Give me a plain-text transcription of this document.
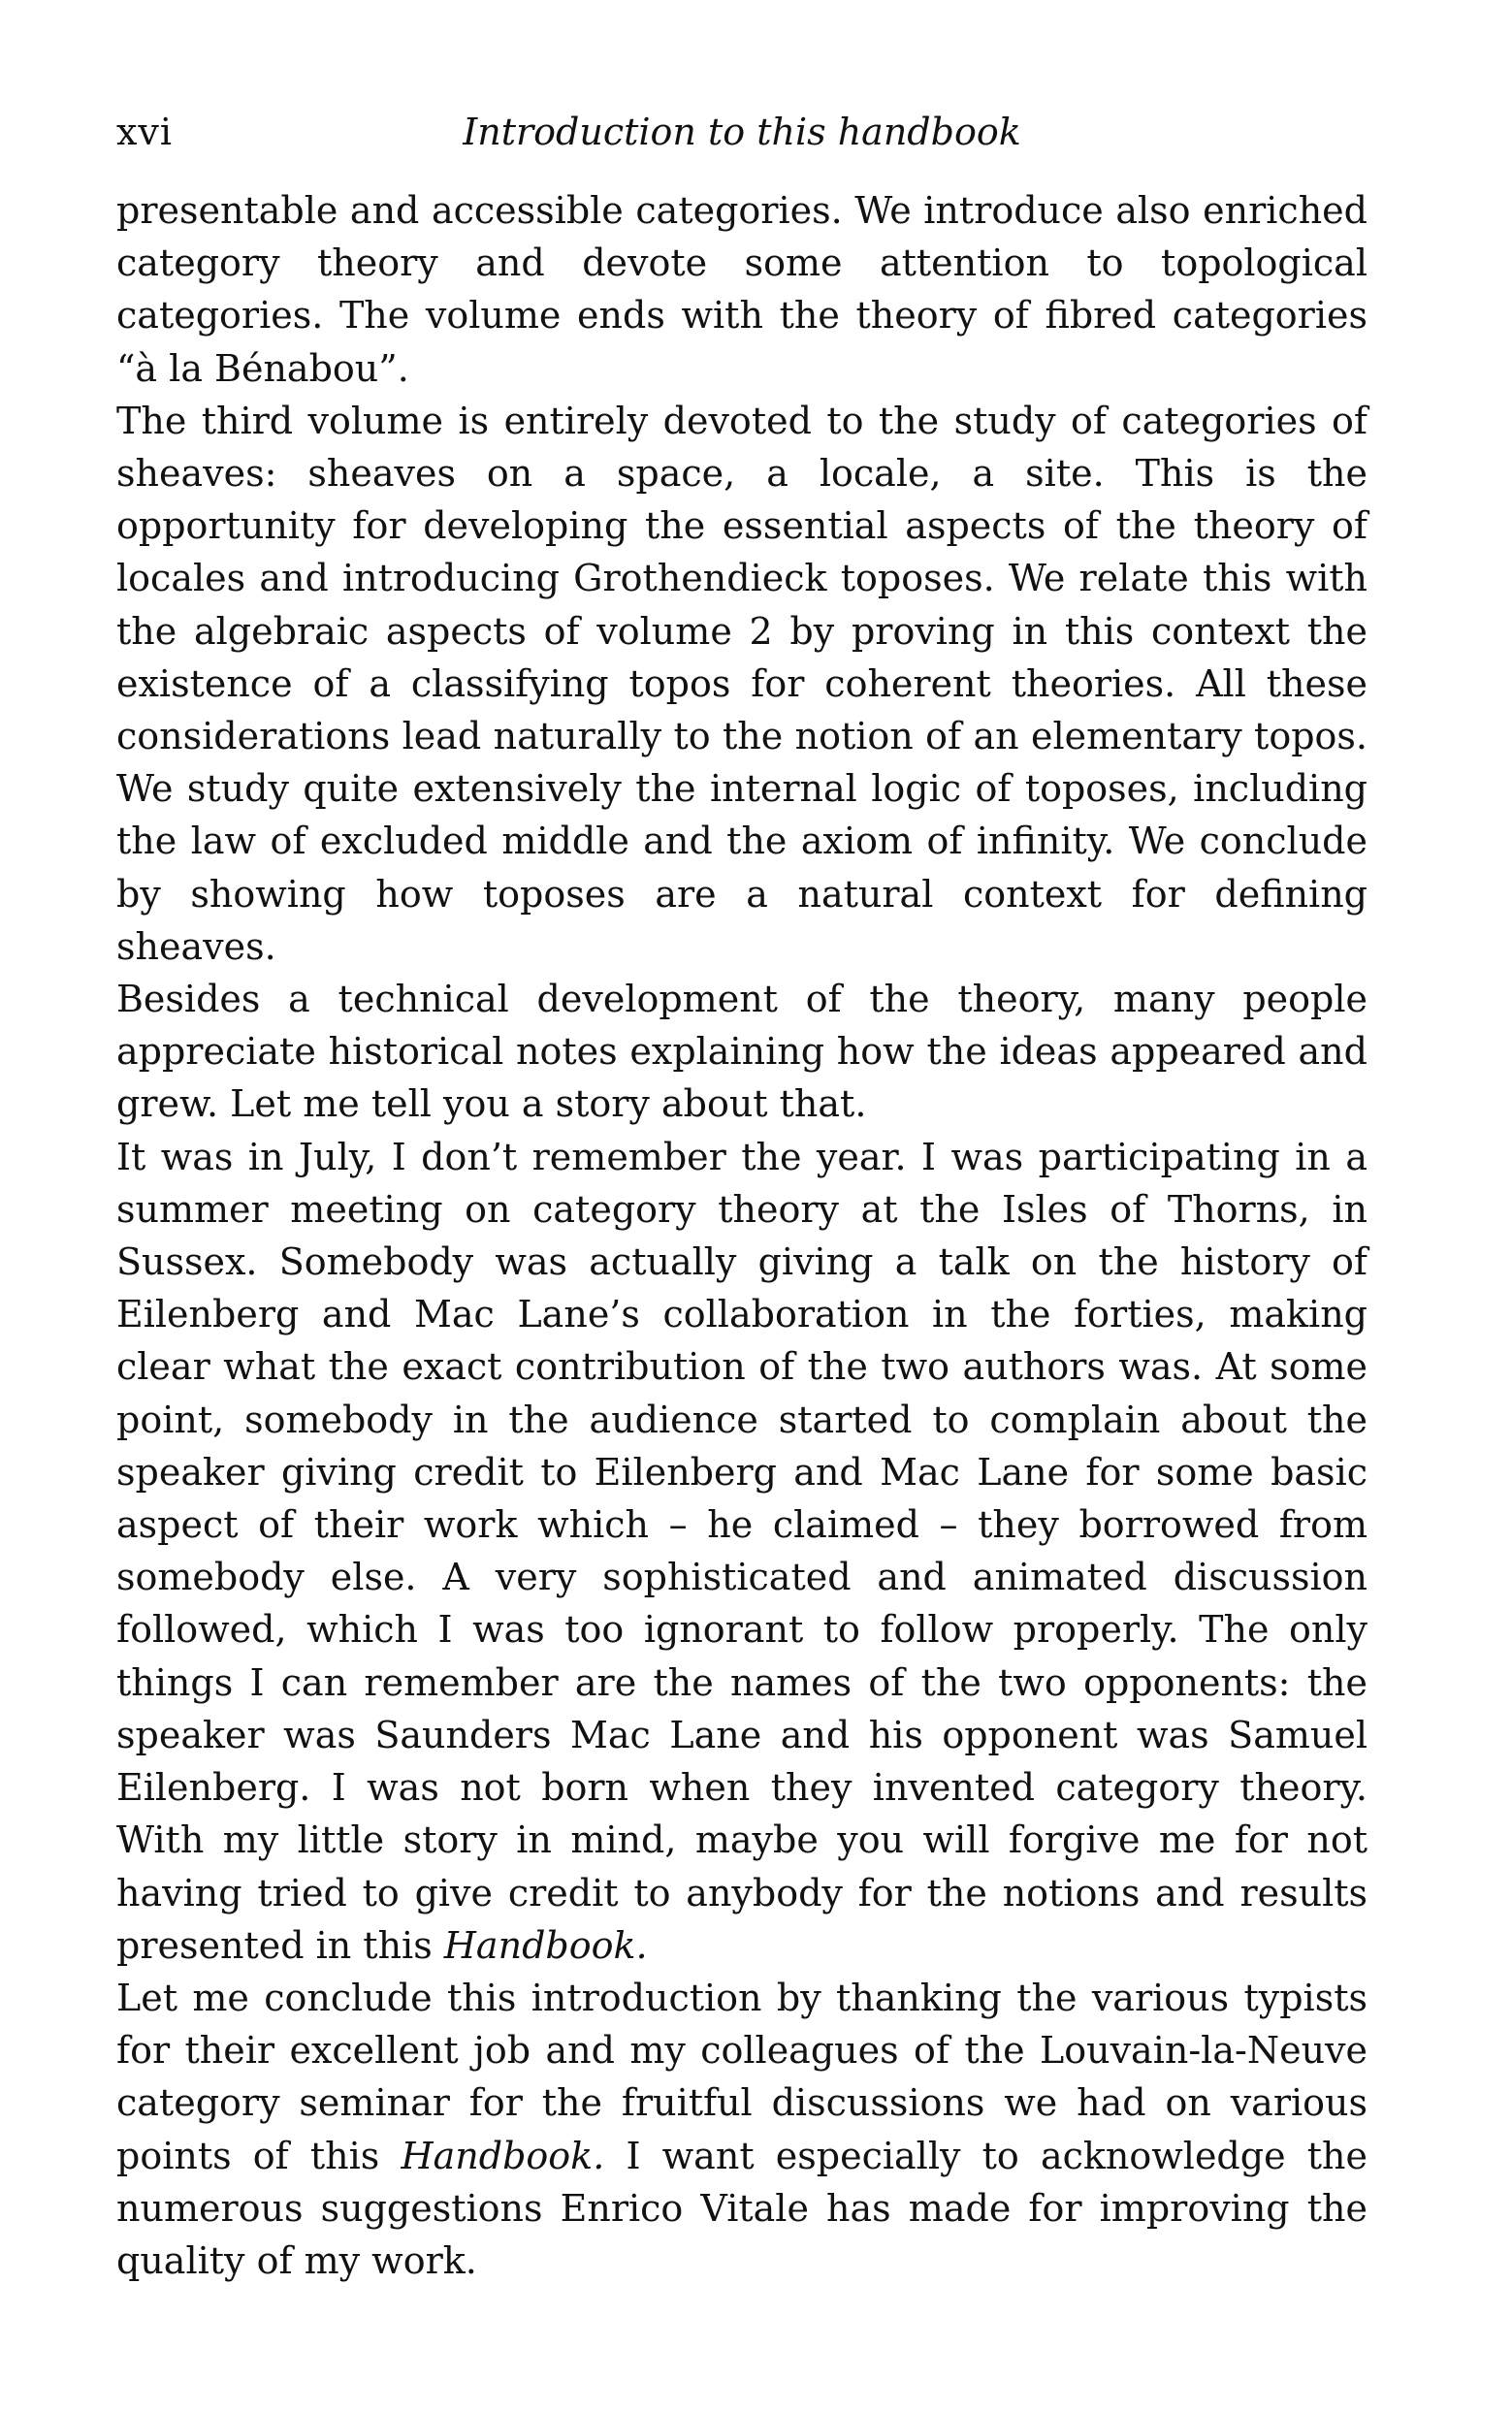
xvi	Introduction to this handbook

presentable and accessible categories. We introduce also enriched category theory and devote some attention to topological categories. The volume ends with the theory of fibred categories “à la Bénabou”.

The third volume is entirely devoted to the study of categories of sheaves: sheaves on a space, a locale, a site. This is the opportunity for developing the essential aspects of the theory of locales and introducing Grothendieck toposes. We relate this with the algebraic aspects of volume 2 by proving in this context the existence of a classifying topos for coherent theories. All these considerations lead naturally to the notion of an elementary topos. We study quite extensively the internal logic of toposes, including the law of excluded middle and the axiom of infinity. We conclude by showing how toposes are a natural context for defining sheaves.

Besides a technical development of the theory, many people appreciate historical notes explaining how the ideas appeared and grew. Let me tell you a story about that.

It was in July, I don’t remember the year. I was participating in a summer meeting on category theory at the Isles of Thorns, in Sussex. Somebody was actually giving a talk on the history of Eilenberg and Mac Lane’s collaboration in the forties, making clear what the exact contribution of the two authors was. At some point, somebody in the audience started to complain about the speaker giving credit to Eilenberg and Mac Lane for some basic aspect of their work which – he claimed – they borrowed from somebody else. A very sophisticated and animated discussion followed, which I was too ignorant to follow properly. The only things I can remember are the names of the two opponents: the speaker was Saunders Mac Lane and his opponent was Samuel Eilenberg. I was not born when they invented category theory. With my little story in mind, maybe you will forgive me for not having tried to give credit to anybody for the notions and results presented in this Handbook.

Let me conclude this introduction by thanking the various typists for their excellent job and my colleagues of the Louvain-la-Neuve category seminar for the fruitful discussions we had on various points of this Handbook. I want especially to acknowledge the numerous suggestions Enrico Vitale has made for improving the quality of my work.
